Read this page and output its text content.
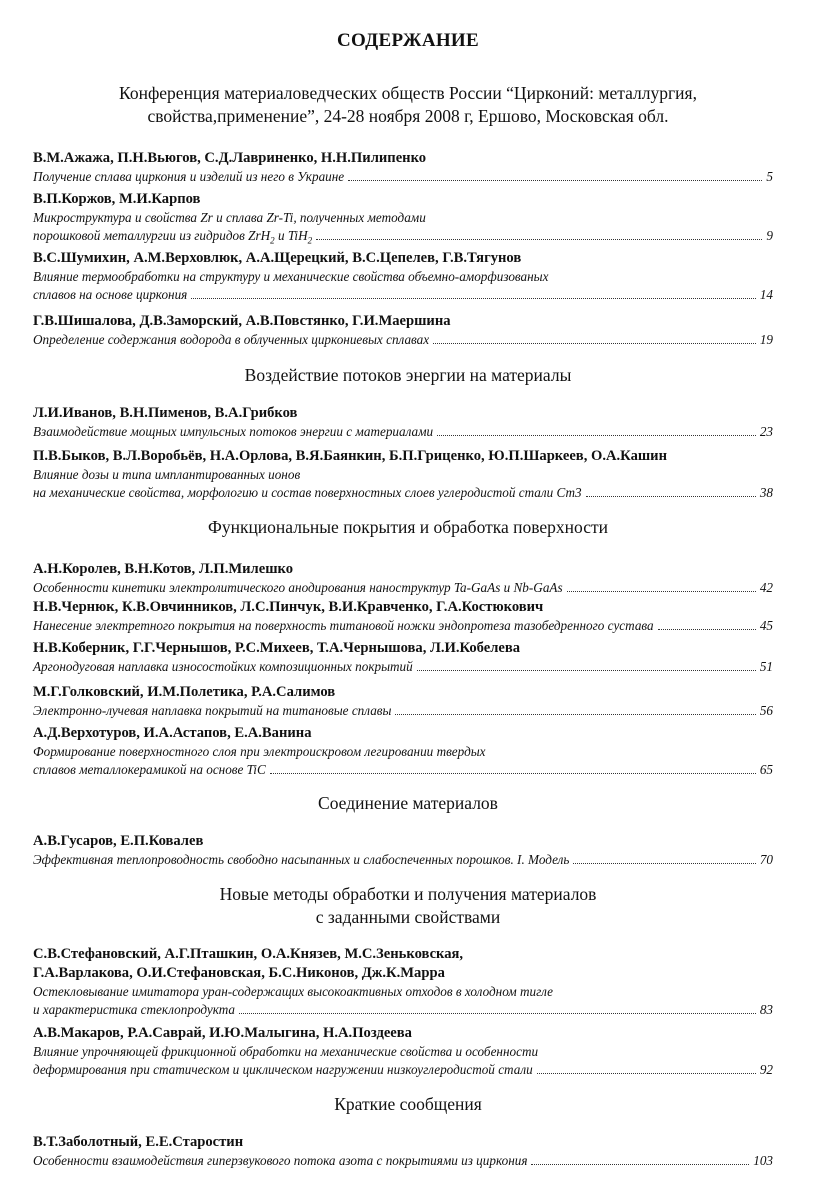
СОДЕРЖАНИЕ
Конференция материаловедческих обществ России “Цирконий: металлургия,
свойства,применение”, 24-28 ноября 2008 г, Ершово, Московская обл.
В.М.Ажажа, П.Н.Вьюгов, С.Д.Лавриненко, Н.Н.Пилипенко
Получение сплава циркония и изделий из него в Украине	5
В.П.Коржов, М.И.Карпов
Микроструктура и свойства Zr и сплава Zr-Ti, полученных методами
порошковой металлургии из гидридов ZrH$_2$ и TiH$_2$	9
В.С.Шумихин, А.М.Верховлюк, А.А.Щерецкий, В.С.Цепелев, Г.В.Тягунов
Влияние термообработки на структуру и механические свойства объемно-аморфизованых
сплавов на основе циркония	14
Г.В.Шишалова, Д.В.Заморский, А.В.Повстянко, Г.И.Маершина
Определение содержания водорода в облученных циркониевых сплавах	19
Воздействие потоков энергии на материалы
Л.И.Иванов, В.Н.Пименов, В.А.Грибков
Взаимодействие мощных импульсных потоков энергии с материалами	23
П.В.Быков, В.Л.Воробьёв, Н.А.Орлова, В.Я.Баянкин, Б.П.Гриценко, Ю.П.Шаркеев, О.А.Кашин
Влияние дозы и типа имплантированных ионов
на механические свойства, морфологию и состав поверхностных слоев углеродистой стали Ст3	38
Функциональные покрытия и обработка поверхности
А.Н.Королев, В.Н.Котов, Л.П.Милешко
Особенности кинетики электролитического анодирования наноструктур Ta-GaAs и Nb-GaAs	42
Н.В.Чернюк, К.В.Овчинников, Л.С.Пинчук, В.И.Кравченко, Г.А.Костюкович
Нанесение электретного покрытия на поверхность титановой ножки эндопротеза тазобедренного сустава	45
Н.В.Коберник, Г.Г.Чернышов, Р.С.Михеев, Т.А.Чернышова, Л.И.Кобелева
Аргонодуговая наплавка износостойких композиционных покрытий	51
М.Г.Голковский, И.М.Полетика, Р.А.Салимов
Электронно-лучевая наплавка покрытий на титановые сплавы	56
А.Д.Верхотуров, И.А.Астапов, Е.А.Ванина
Формирование поверхностного слоя при электроискровом легировании твердых
сплавов металлокерамикой на основе TiC	65
Соединение материалов
А.В.Гусаров, Е.П.Ковалев
Эффективная теплопроводность свободно насыпанных и слабоспеченных порошков. I. Модель	70
Новые методы обработки и получения материалов
с заданными свойствами
С.В.Стефановский, А.Г.Пташкин, О.А.Князев, М.С.Зеньковская,
Г.А.Варлакова, О.И.Стефановская, Б.С.Никонов, Дж.К.Марра
Остекловывание имитатора уран-содержащих высокоактивных отходов в холодном тигле
и характеристика стеклопродукта	83
А.В.Макаров, Р.А.Саврай, И.Ю.Малыгина, Н.А.Поздеева
Влияние упрочняющей фрикционной обработки на механические свойства и особенности
деформирования при статическом и циклическом нагружении низкоуглеродистой стали	92
Краткие сообщения
В.Т.Заболотный, Е.Е.Старостин
Особенности взаимодействия гиперзвукового потока азота с покрытиями из циркония	103
